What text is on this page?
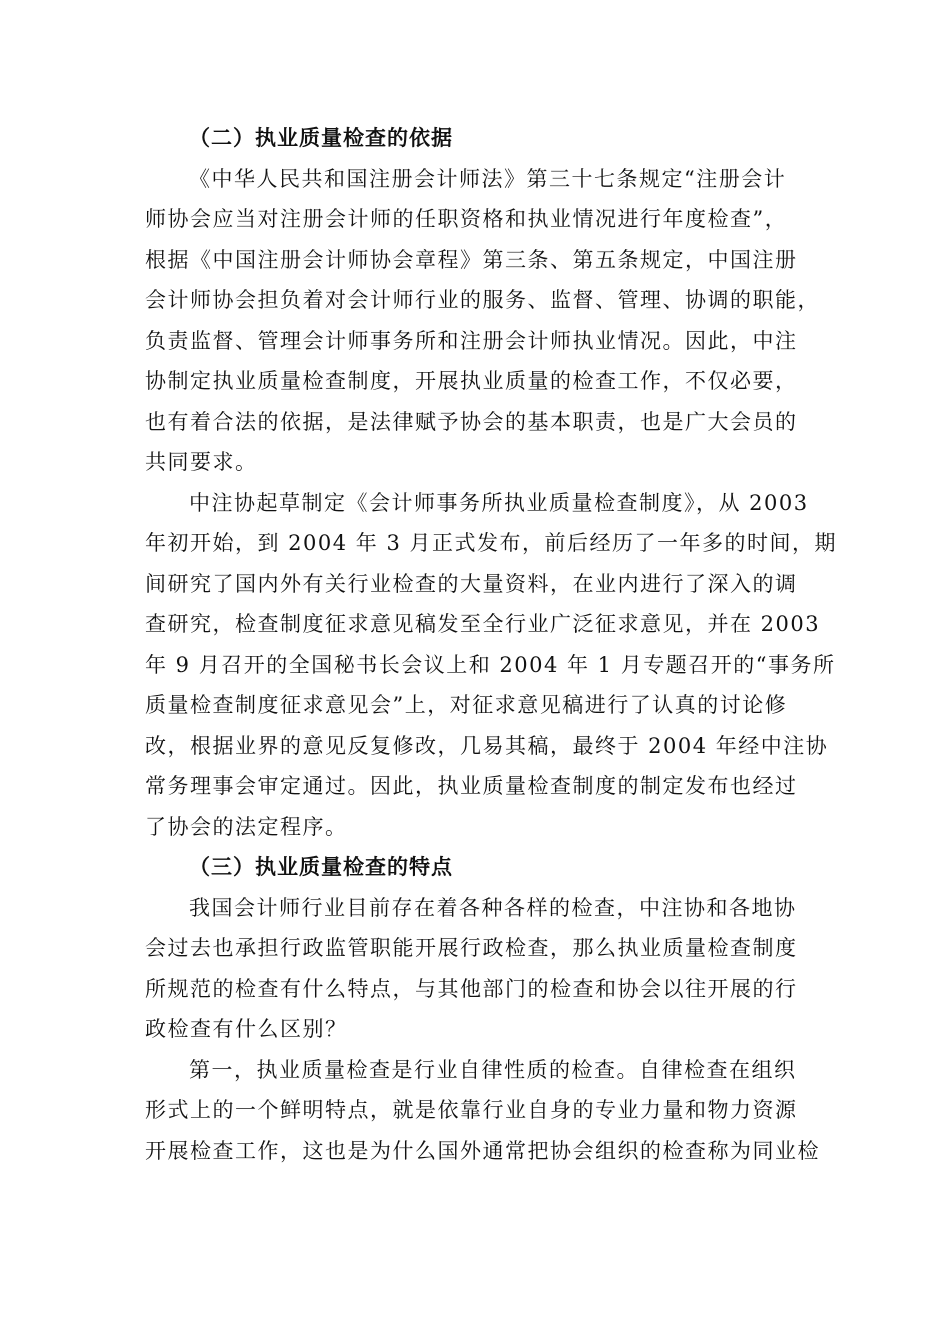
（二）执业质量检查的依据
《中华人民共和国注册会计师法》第三十七条规定“注册会计
师协会应当对注册会计师的任职资格和执业情况进行年度检查”，
根据《中国注册会计师协会章程》第三条、第五条规定，中国注册
会计师协会担负着对会计师行业的服务、监督、管理、协调的职能，
负责监督、管理会计师事务所和注册会计师执业情况。因此，中注
协制定执业质量检查制度，开展执业质量的检查工作，不仅必要，
也有着合法的依据，是法律赋予协会的基本职责，也是广大会员的
共同要求。
中注协起草制定《会计师事务所执业质量检查制度》，从 2003
年初开始，到 2004 年 3 月正式发布，前后经历了一年多的时间，期
间研究了国内外有关行业检查的大量资料，在业内进行了深入的调
查研究，检查制度征求意见稿发至全行业广泛征求意见，并在 2003
年 9 月召开的全国秘书长会议上和 2004 年 1 月专题召开的“事务所
质量检查制度征求意见会”上，对征求意见稿进行了认真的讨论修
改，根据业界的意见反复修改，几易其稿，最终于 2004 年经中注协
常务理事会审定通过。因此，执业质量检查制度的制定发布也经过
了协会的法定程序。
（三）执业质量检查的特点
我国会计师行业目前存在着各种各样的检查，中注协和各地协
会过去也承担行政监管职能开展行政检查，那么执业质量检查制度
所规范的检查有什么特点，与其他部门的检查和协会以往开展的行
政检查有什么区别？
第一，执业质量检查是行业自律性质的检查。自律检查在组织
形式上的一个鲜明特点，就是依靠行业自身的专业力量和物力资源
开展检查工作，这也是为什么国外通常把协会组织的检查称为同业检
